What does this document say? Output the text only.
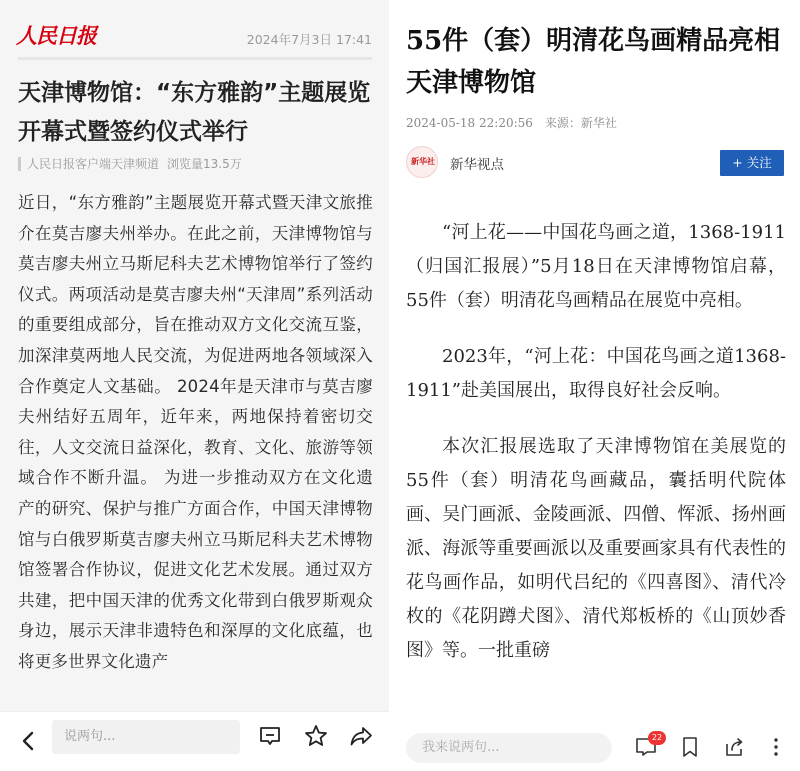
人民日报	2024年7月3日 17:41
天津博物馆：“东方雅韵”主题展览开幕式暨签约仪式举行
人民日报客户端天津频道 浏览量13.5万
近日，“东方雅韵”主题展览开幕式暨天津文旅推介在莫吉廖夫州举办。在此之前，天津博物馆与莫吉廖夫州立马斯尼科夫艺术博物馆举行了签约仪式。两项活动是莫吉廖夫州“天津周”系列活动的重要组成部分，旨在推动双方文化交流互鉴，加深津莫两地人民交流，为促进两地各领域深入合作奠定人文基础。 2024年是天津市与莫吉廖夫州结好五周年，近年来，两地保持着密切交往，人文交流日益深化，教育、文化、旅游等领域合作不断升温。 为进一步推动双方在文化遗产的研究、保护与推广方面合作，中国天津博物馆与白俄罗斯莫吉廖夫州立马斯尼科夫艺术博物馆签署合作协议，促进文化艺术发展。通过双方共建，把中国天津的优秀文化带到白俄罗斯观众身边，展示天津非遗特色和深厚的文化底蕴，也将更多世界文化遗产
说两句...
55件（套）明清花鸟画精品亮相天津博物馆
2024-05-18 22:20:56 来源：新华社
新华社 新华视点	+ 关注

“河上花——中国花鸟画之道，1368-1911（归国汇报展）”5月18日在天津博物馆启幕，55件（套）明清花鸟画精品在展览中亮相。

2023年，“河上花：中国花鸟画之道1368-1911”赴美国展出，取得良好社会反响。

本次汇报展选取了天津博物馆在美展览的55件（套）明清花鸟画藏品，囊括明代院体画、吴门画派、金陵画派、四僧、恽派、扬州画派、海派等重要画派以及重要画家具有代表性的花鸟画作品，如明代吕纪的《四喜图》、清代冷枚的《花阴蹲犬图》、清代郑板桥的《山顶妙香图》等。一批重磅

我来说两句...
22
